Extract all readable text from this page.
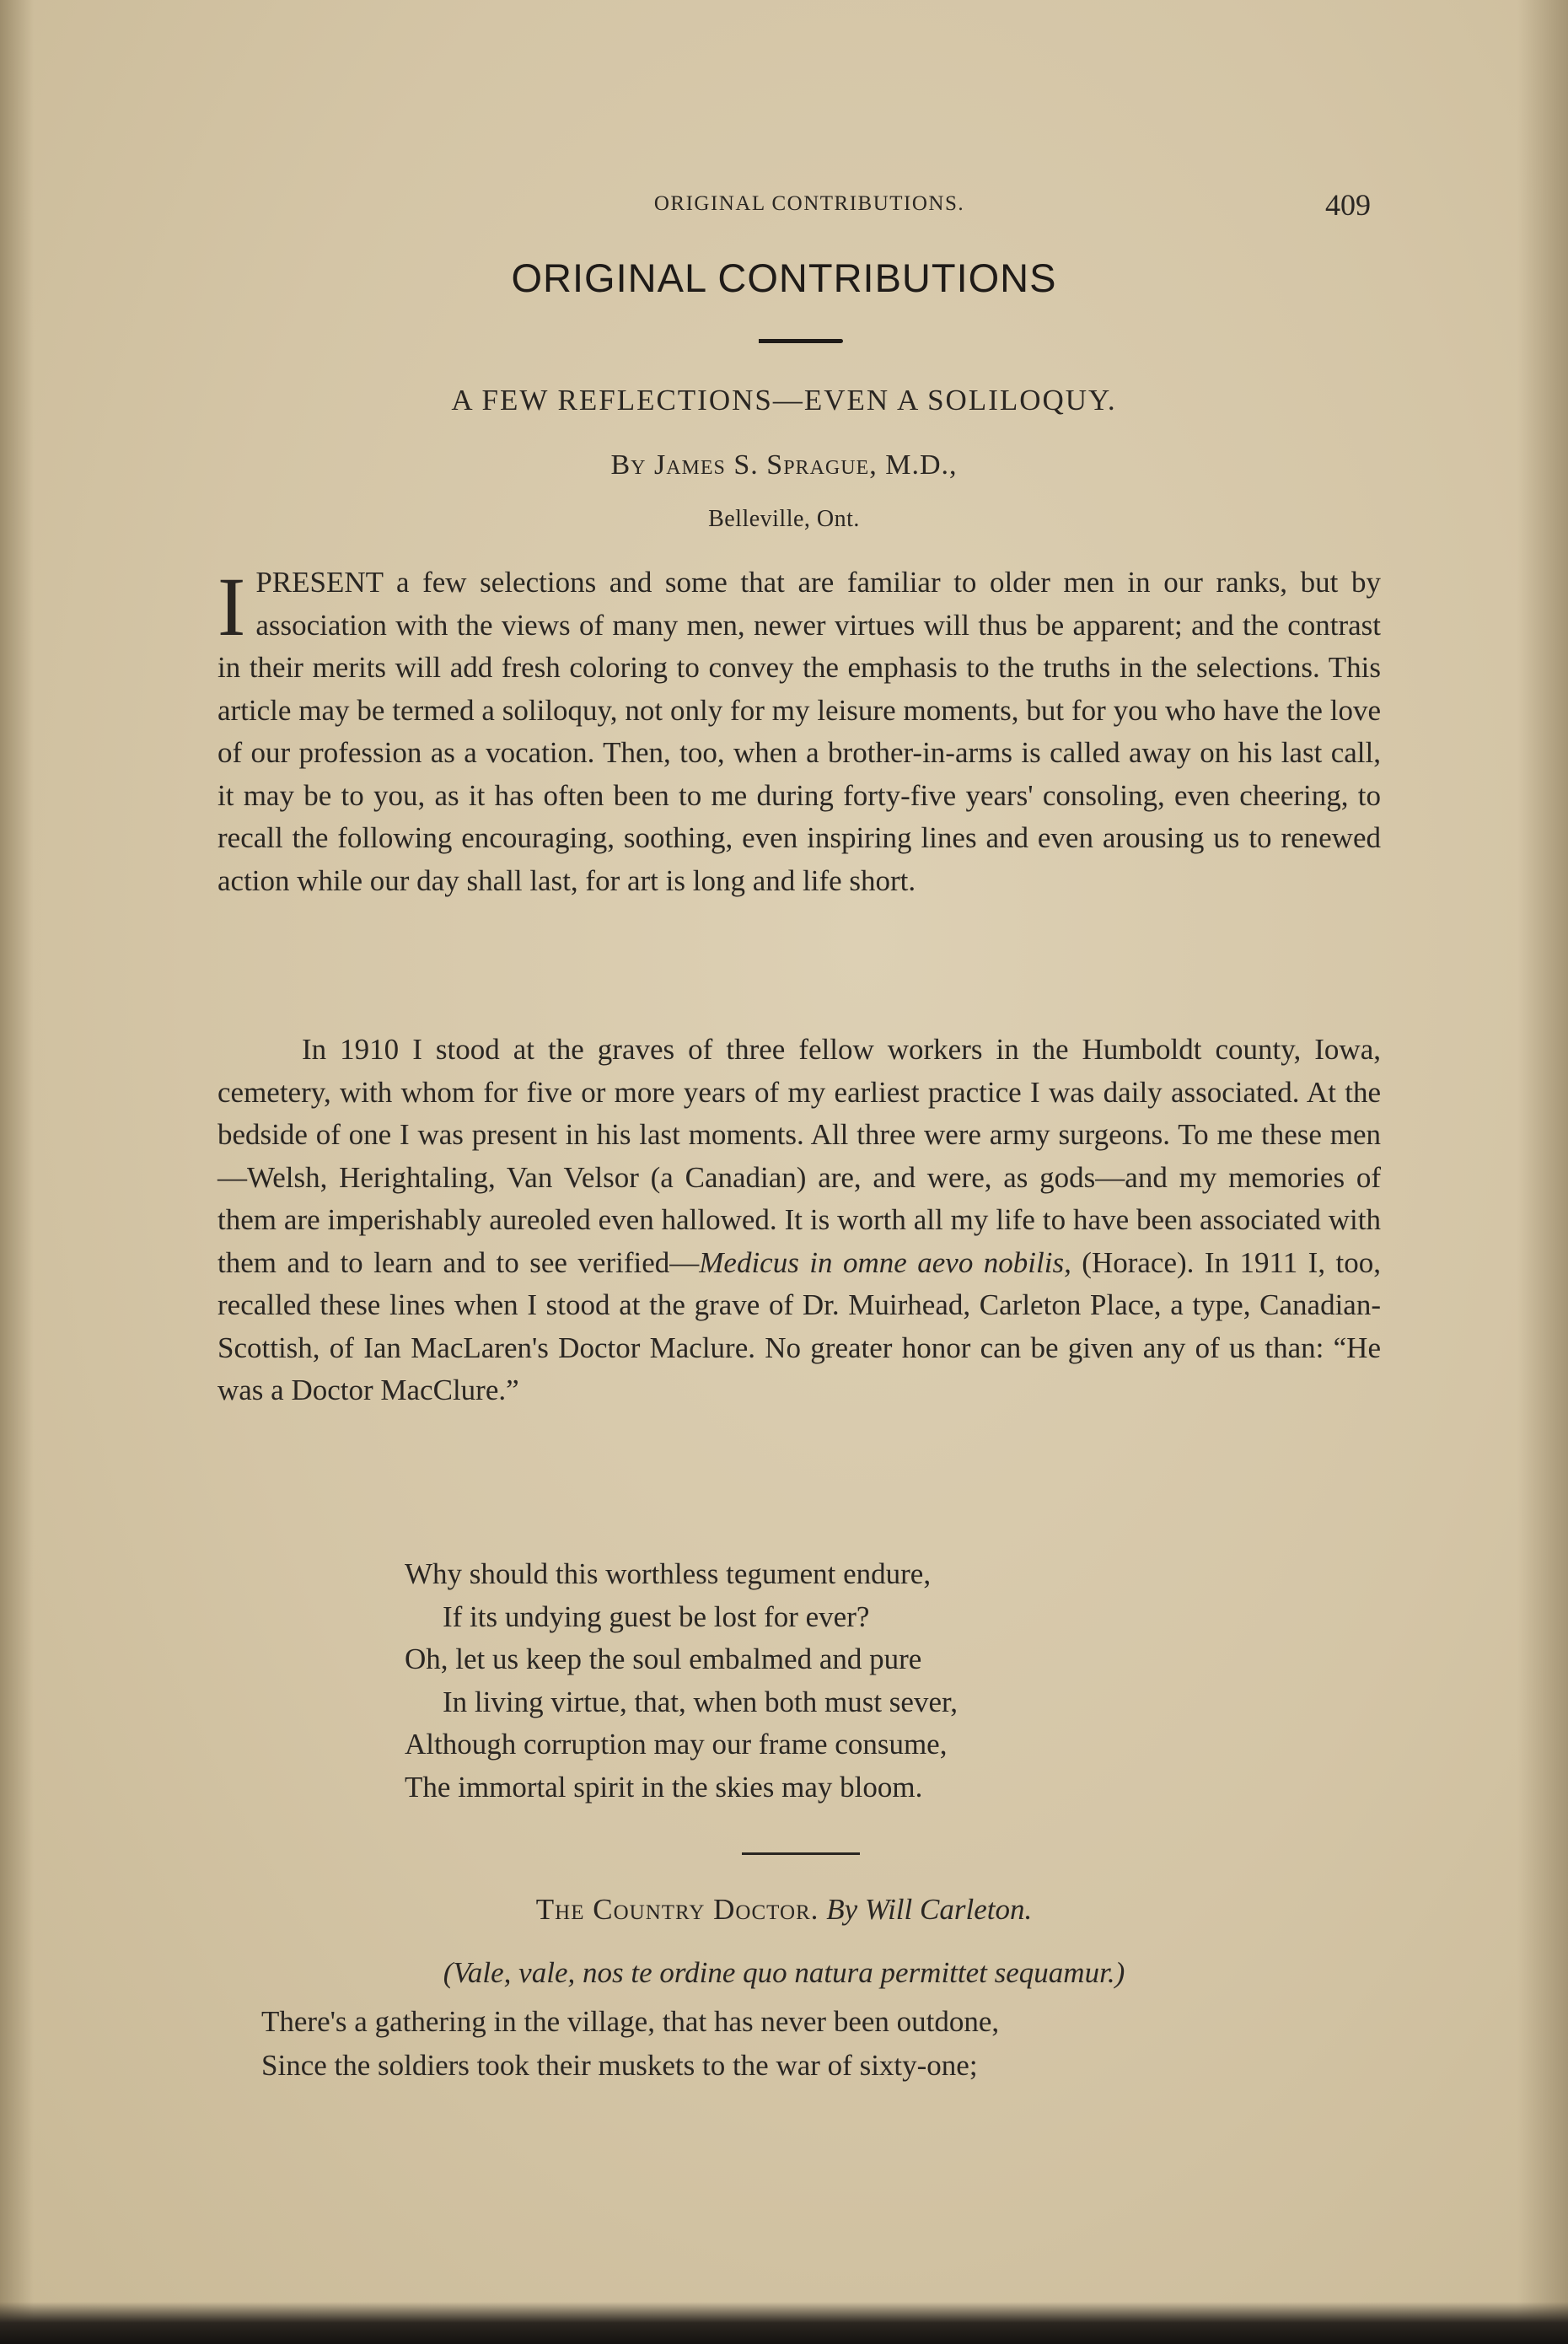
ORIGINAL CONTRIBUTIONS.	409
ORIGINAL CONTRIBUTIONS
A FEW REFLECTIONS—EVEN A SOLILOQUY.
By James S. Sprague, M.D.,
Belleville, Ont.
IPRESENT a few selections and some that are familiar to older men in our ranks, but by association with the views of many men, newer virtues will thus be apparent; and the contrast in their merits will add fresh coloring to convey the emphasis to the truths in the selections. This article may be termed a soliloquy, not only for my leisure moments, but for you who have the love of our profession as a vocation. Then, too, when a brother-in-arms is called away on his last call, it may be to you, as it has often been to me during forty-five years' consoling, even cheering, to recall the following encouraging, soothing, even inspiring lines and even arousing us to renewed action while our day shall last, for art is long and life short.
In 1910 I stood at the graves of three fellow workers in the Humboldt county, Iowa, cemetery, with whom for five or more years of my earliest practice I was daily associated. At the bedside of one I was present in his last moments. All three were army surgeons. To me these men—Welsh, Herightaling, Van Velsor (a Canadian) are, and were, as gods—and my memories of them are imperishably aureoled even hallowed. It is worth all my life to have been associated with them and to learn and to see verified—Medicus in omne aevo nobilis, (Horace). In 1911 I, too, recalled these lines when I stood at the grave of Dr. Muirhead, Carleton Place, a type, Canadian-Scottish, of Ian MacLaren's Doctor Maclure. No greater honor can be given any of us than: “He was a Doctor MacClure.”
Why should this worthless tegument endure,
If its undying guest be lost for ever?
Oh, let us keep the soul embalmed and pure
In living virtue, that, when both must sever,
Although corruption may our frame consume,
The immortal spirit in the skies may bloom.
The Country Doctor. By Will Carleton.
(Vale, vale, nos te ordine quo natura permittet sequamur.)
There's a gathering in the village, that has never been outdone,
Since the soldiers took their muskets to the war of sixty-one;
